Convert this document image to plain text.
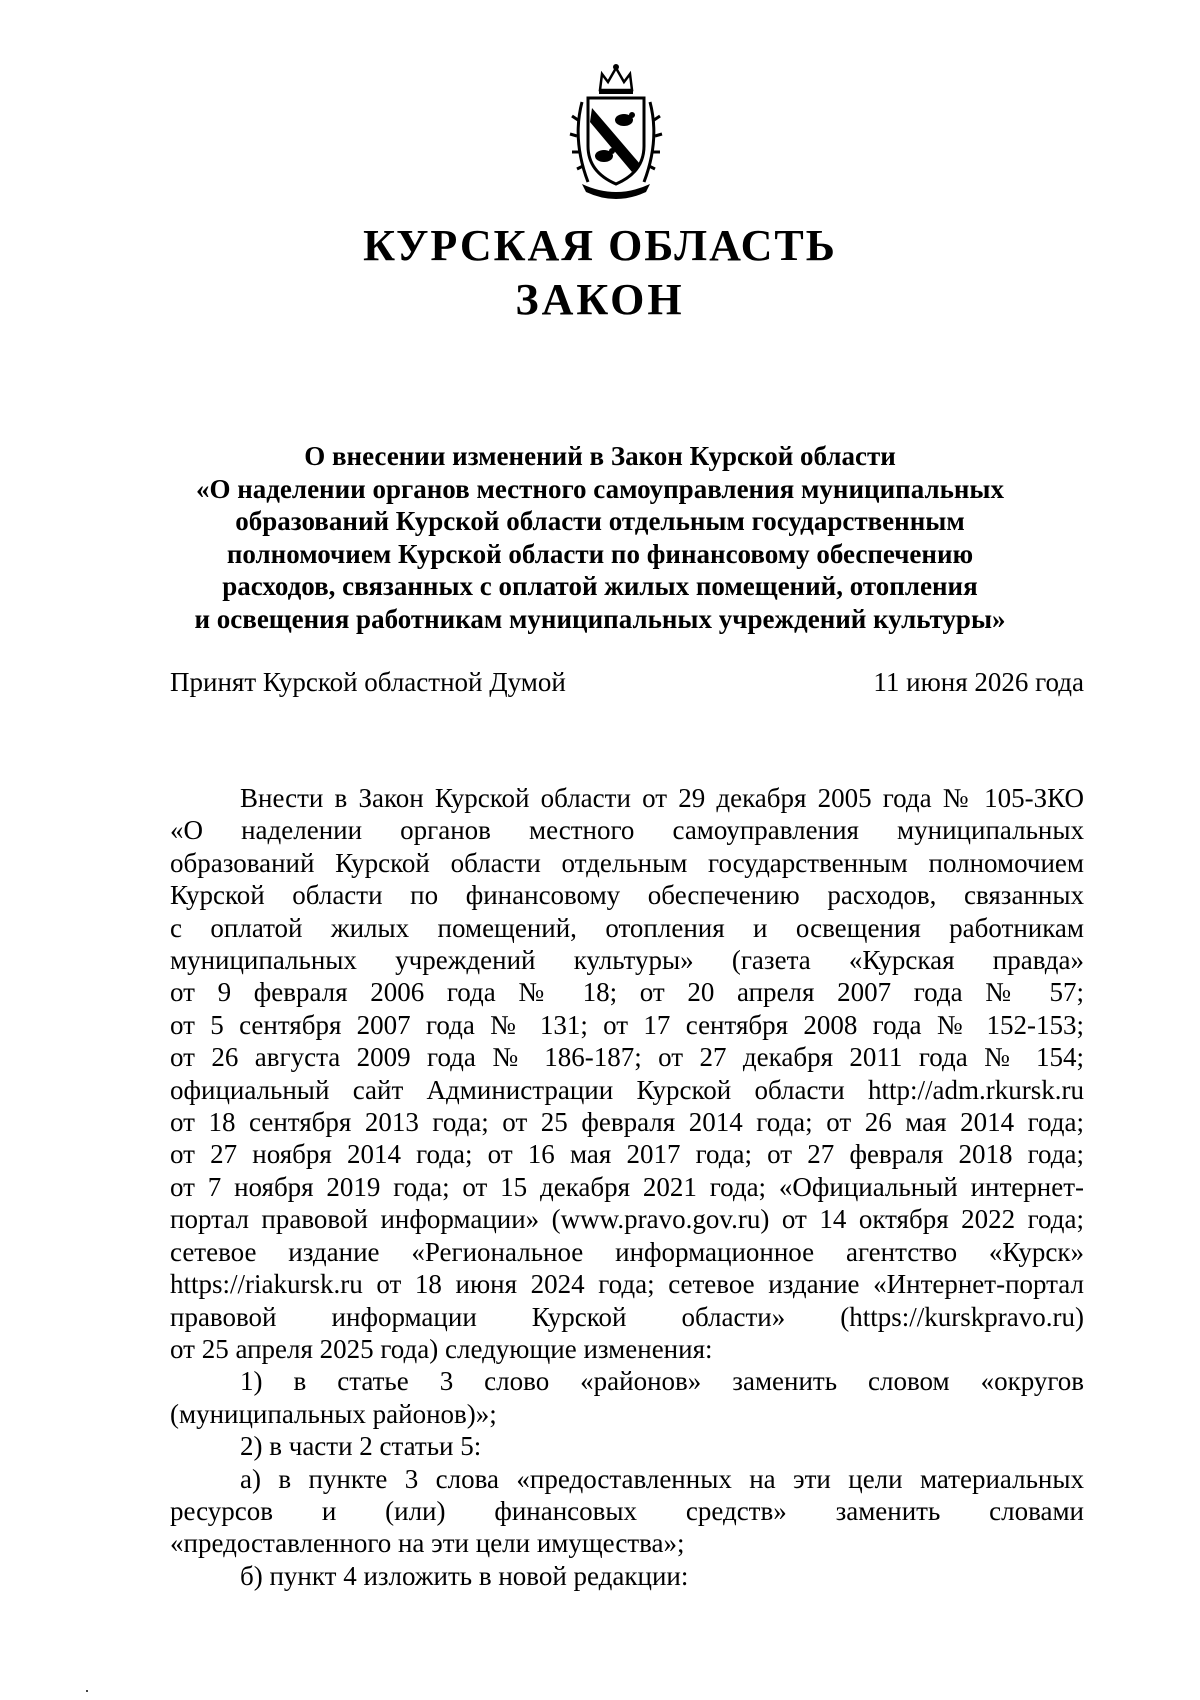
КУРСКАЯ ОБЛАСТЬ
ЗАКОН
О внесении изменений в Закон Курской области
«О наделении органов местного самоуправления муниципальных
образований Курской области отдельным государственным
полномочием Курской области по финансовому обеспечению
расходов, связанных с оплатой жилых помещений, отопления
и освещения работникам муниципальных учреждений культуры»
Принят Курской областной Думой	11 июня 2026 года
Внести в Закон Курской области от 29 декабря 2005 года № 105-ЗКО
«О наделении органов местного самоуправления муниципальных
образований Курской области отдельным государственным полномочием
Курской области по финансовому обеспечению расходов, связанных
с оплатой жилых помещений, отопления и освещения работникам
муниципальных учреждений культуры» (газета «Курская правда»
от 9 февраля 2006 года № 18; от 20 апреля 2007 года № 57;
от 5 сентября 2007 года № 131; от 17 сентября 2008 года № 152-153;
от 26 августа 2009 года № 186-187; от 27 декабря 2011 года № 154;
официальный сайт Администрации Курской области http://adm.rkursk.ru
от 18 сентября 2013 года; от 25 февраля 2014 года; от 26 мая 2014 года;
от 27 ноября 2014 года; от 16 мая 2017 года; от 27 февраля 2018 года;
от 7 ноября 2019 года; от 15 декабря 2021 года; «Официальный интернет-
портал правовой информации» (www.pravo.gov.ru) от 14 октября 2022 года;
сетевое издание «Региональное информационное агентство «Курск»
https://riakursk.ru от 18 июня 2024 года; сетевое издание «Интернет-портал
правовой информации Курской области» (https://kurskpravo.ru)
от 25 апреля 2025 года) следующие изменения:
1) в статье 3 слово «районов» заменить словом «округов
(муниципальных районов)»;
2) в части 2 статьи 5:
а) в пункте 3 слова «предоставленных на эти цели материальных
ресурсов и (или) финансовых средств» заменить словами
«предоставленного на эти цели имущества»;
б) пункт 4 изложить в новой редакции:
